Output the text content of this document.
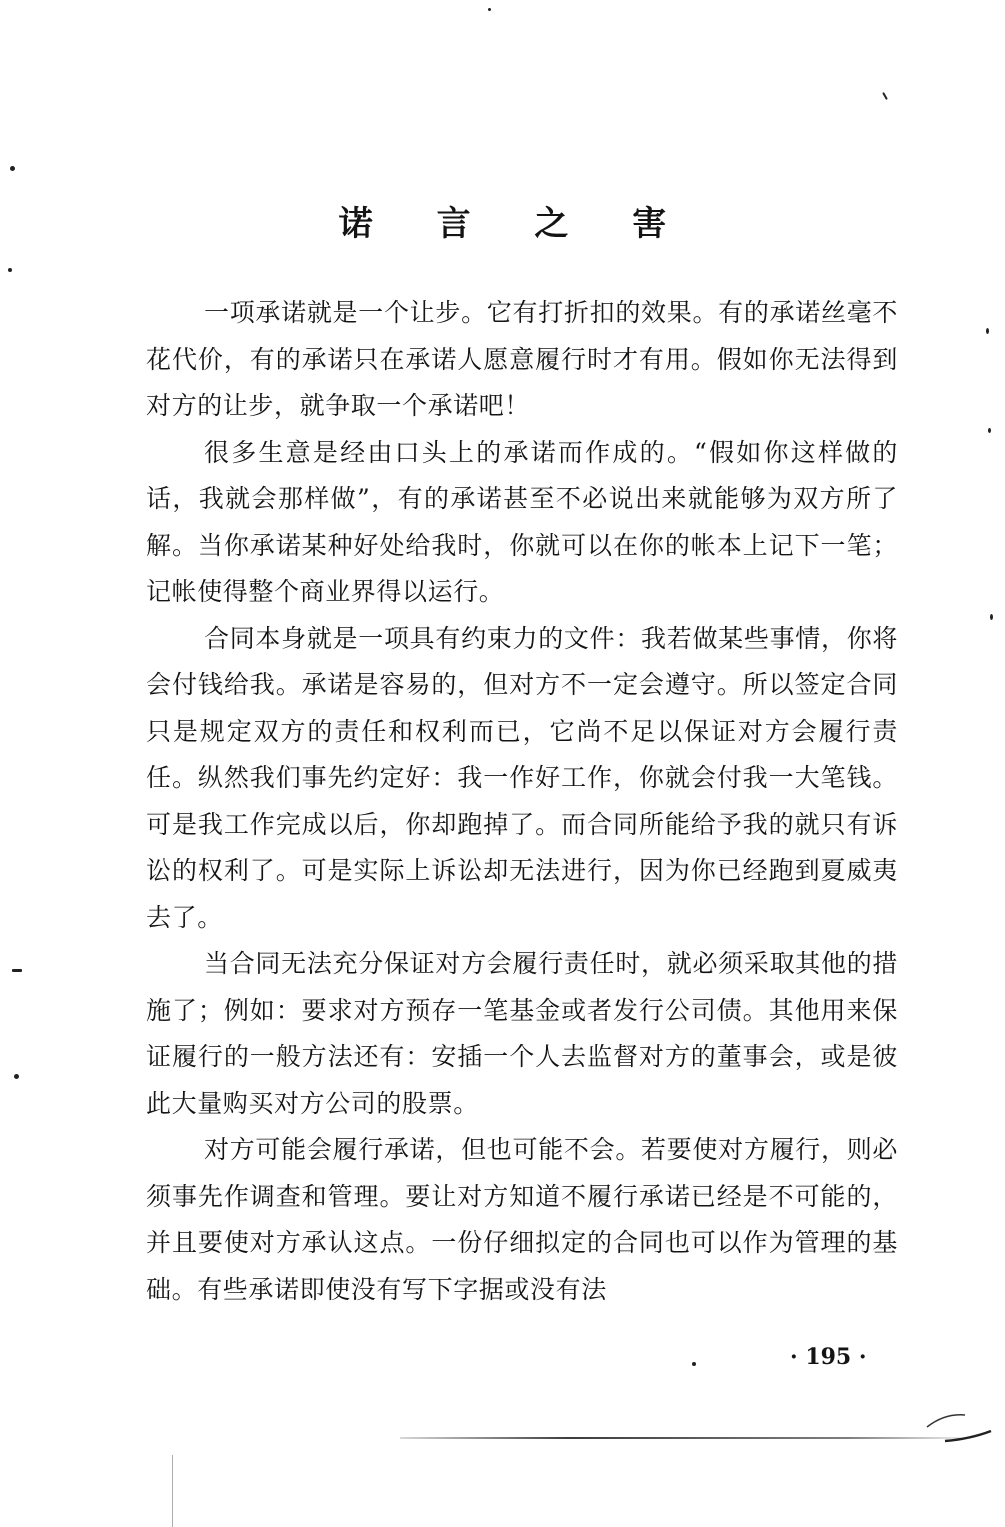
诺 言 之 害

一项承诺就是一个让步。它有打折扣的效果。有的承诺丝毫不花代价，有的承诺只在承诺人愿意履行时才有用。假如你无法得到对方的让步，就争取一个承诺吧！

很多生意是经由口头上的承诺而作成的。“假如你这样做的话，我就会那样做”，有的承诺甚至不必说出来就能够为双方所了解。当你承诺某种好处给我时，你就可以在你的帐本上记下一笔；记帐使得整个商业界得以运行。

合同本身就是一项具有约束力的文件：我若做某些事情，你将会付钱给我。承诺是容易的，但对方不一定会遵守。所以签定合同只是规定双方的责任和权利而已，它尚不足以保证对方会履行责任。纵然我们事先约定好：我一作好工作，你就会付我一大笔钱。可是我工作完成以后，你却跑掉了。而合同所能给予我的就只有诉讼的权利了。可是实际上诉讼却无法进行，因为你已经跑到夏威夷去了。

当合同无法充分保证对方会履行责任时，就必须采取其他的措施了；例如：要求对方预存一笔基金或者发行公司债。其他用来保证履行的一般方法还有：安插一个人去监督对方的董事会，或是彼此大量购买对方公司的股票。

对方可能会履行承诺，但也可能不会。若要使对方履行，则必须事先作调查和管理。要让对方知道不履行承诺已经是不可能的，并且要使对方承认这点。一份仔细拟定的合同也可以作为管理的基础。有些承诺即使没有写下字据或没有法

· 195 ·
